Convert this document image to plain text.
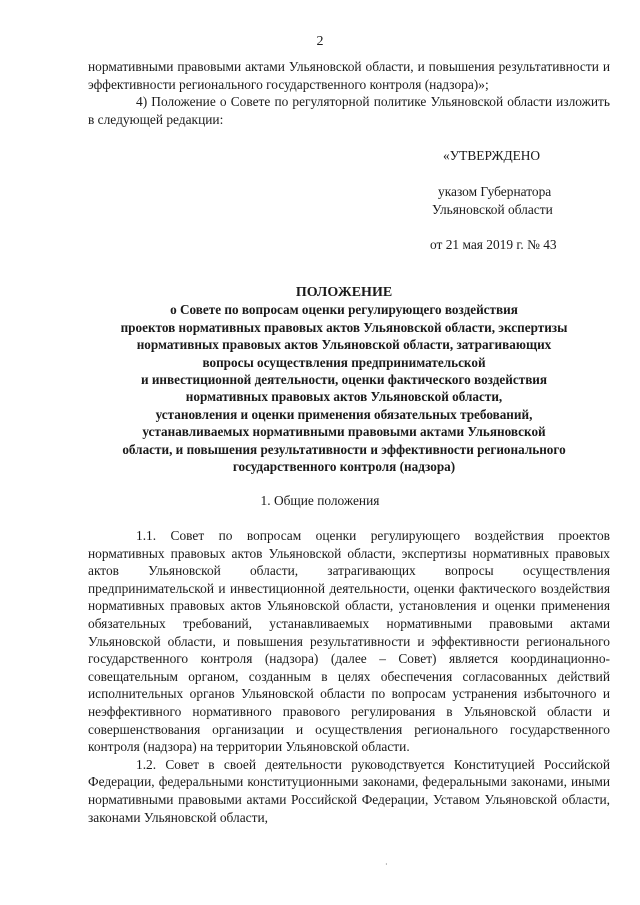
2
нормативными правовыми актами Ульяновской области, и повышения результативности и эффективности регионального государственного контроля (надзора)»;
4) Положение о Совете по регуляторной политике Ульяновской области изложить в следующей редакции:
«УТВЕРЖДЕНО
указом Губернатора
Ульяновской области
от 21 мая 2019 г. № 43
ПОЛОЖЕНИЕ
о Совете по вопросам оценки регулирующего воздействия
проектов нормативных правовых актов Ульяновской области, экспертизы
нормативных правовых актов Ульяновской области, затрагивающих
вопросы осуществления предпринимательской
и инвестиционной деятельности, оценки фактического воздействия
нормативных правовых актов Ульяновской области,
установления и оценки применения обязательных требований,
устанавливаемых нормативными правовыми актами Ульяновской
области, и повышения результативности и эффективности регионального
государственного контроля (надзора)
1. Общие положения
1.1. Совет по вопросам оценки регулирующего воздействия проектов нормативных правовых актов Ульяновской области, экспертизы нормативных правовых актов Ульяновской области, затрагивающих вопросы осуществления предпринимательской и инвестиционной деятельности, оценки фактического воздействия нормативных правовых актов Ульяновской области, установления и оценки применения обязательных требований, устанавливаемых нормативными правовыми актами Ульяновской области, и повышения результативности и эффективности регионального государственного контроля (надзора) (далее – Совет) является координационно-совещательным органом, созданным в целях обеспечения согласованных действий исполнительных органов Ульяновской области по вопросам устранения избыточного и неэффективного нормативного правового регулирования в Ульяновской области и совершенствования организации и осуществления регионального государственного контроля (надзора) на территории Ульяновской области.
1.2. Совет в своей деятельности руководствуется Конституцией Российской Федерации, федеральными конституционными законами, федеральными законами, иными нормативными правовыми актами Российской Федерации, Уставом Ульяновской области, законами Ульяновской области,
·
